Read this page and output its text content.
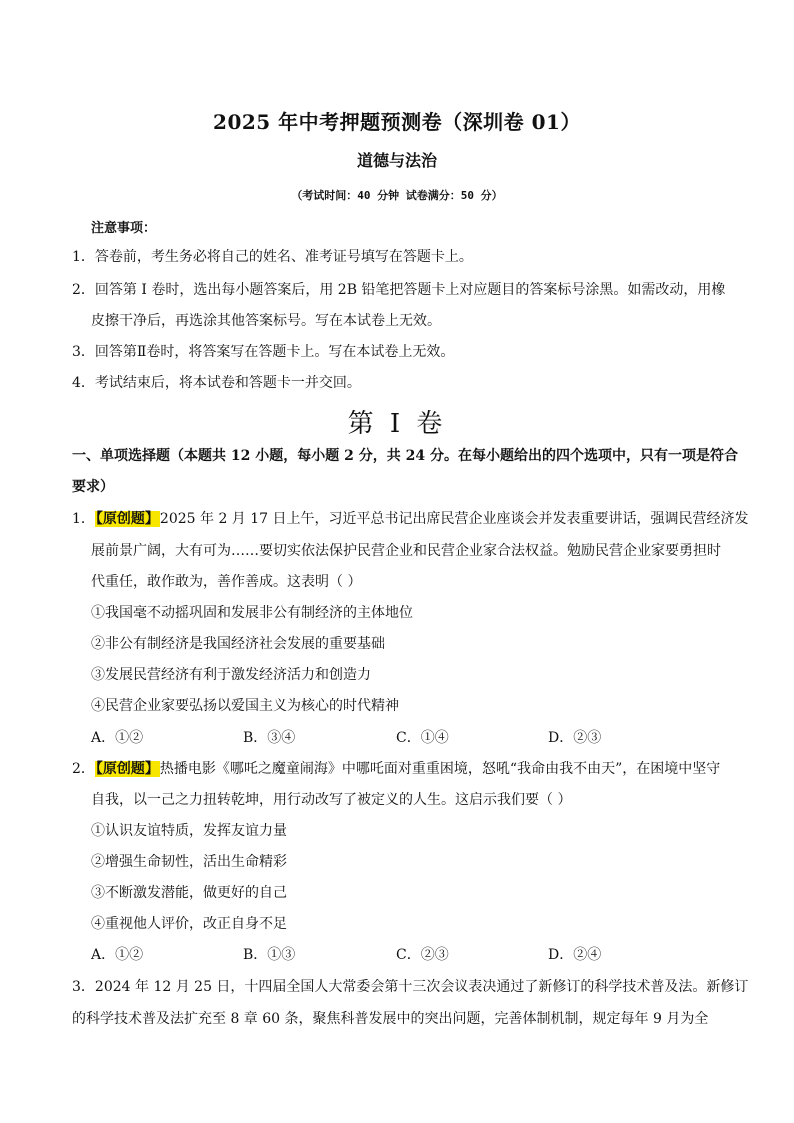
2025 年中考押题预测卷（深圳卷 01）
道德与法治
（考试时间：40 分钟 试卷满分：50 分）
注意事项：
1．答卷前，考生务必将自己的姓名、准考证号填写在答题卡上。
2．回答第 I 卷时，选出每小题答案后，用 2B 铅笔把答题卡上对应题目的答案标号涂黑。如需改动，用橡
皮擦干净后，再选涂其他答案标号。写在本试卷上无效。
3．回答第Ⅱ卷时，将答案写在答题卡上。写在本试卷上无效。
4．考试结束后，将本试卷和答题卡一并交回。
第 I 卷
一、单项选择题（本题共 12 小题，每小题 2 分，共 24 分。在每小题给出的四个选项中，只有一项是符合
要求）
1．【原创题】2025 年 2 月 17 日上午，习近平总书记出席民营企业座谈会并发表重要讲话，强调民营经济发
展前景广阔，大有可为……要切实依法保护民营企业和民营企业家合法权益。勉励民营企业家要勇担时
代重任，敢作敢为，善作善成。这表明（ ）
①我国毫不动摇巩固和发展非公有制经济的主体地位
②非公有制经济是我国经济社会发展的重要基础
③发展民营经济有利于激发经济活力和创造力
④民营企业家要弘扬以爱国主义为核心的时代精神
A．①②	B．③④	C．①④	D．②③
2．【原创题】热播电影《哪吒之魔童闹海》中哪吒面对重重困境，怒吼“我命由我不由天”，在困境中坚守
自我，以一己之力扭转乾坤，用行动改写了被定义的人生。这启示我们要（ ）
①认识友谊特质，发挥友谊力量
②增强生命韧性，活出生命精彩
③不断激发潜能，做更好的自己
④重视他人评价，改正自身不足
A．①②	B．①③	C．②③	D．②④
3．2024 年 12 月 25 日，十四届全国人大常委会第十三次会议表决通过了新修订的科学技术普及法。新修订
的科学技术普及法扩充至 8 章 60 条，聚焦科普发展中的突出问题，完善体制机制，规定每年 9 月为全
